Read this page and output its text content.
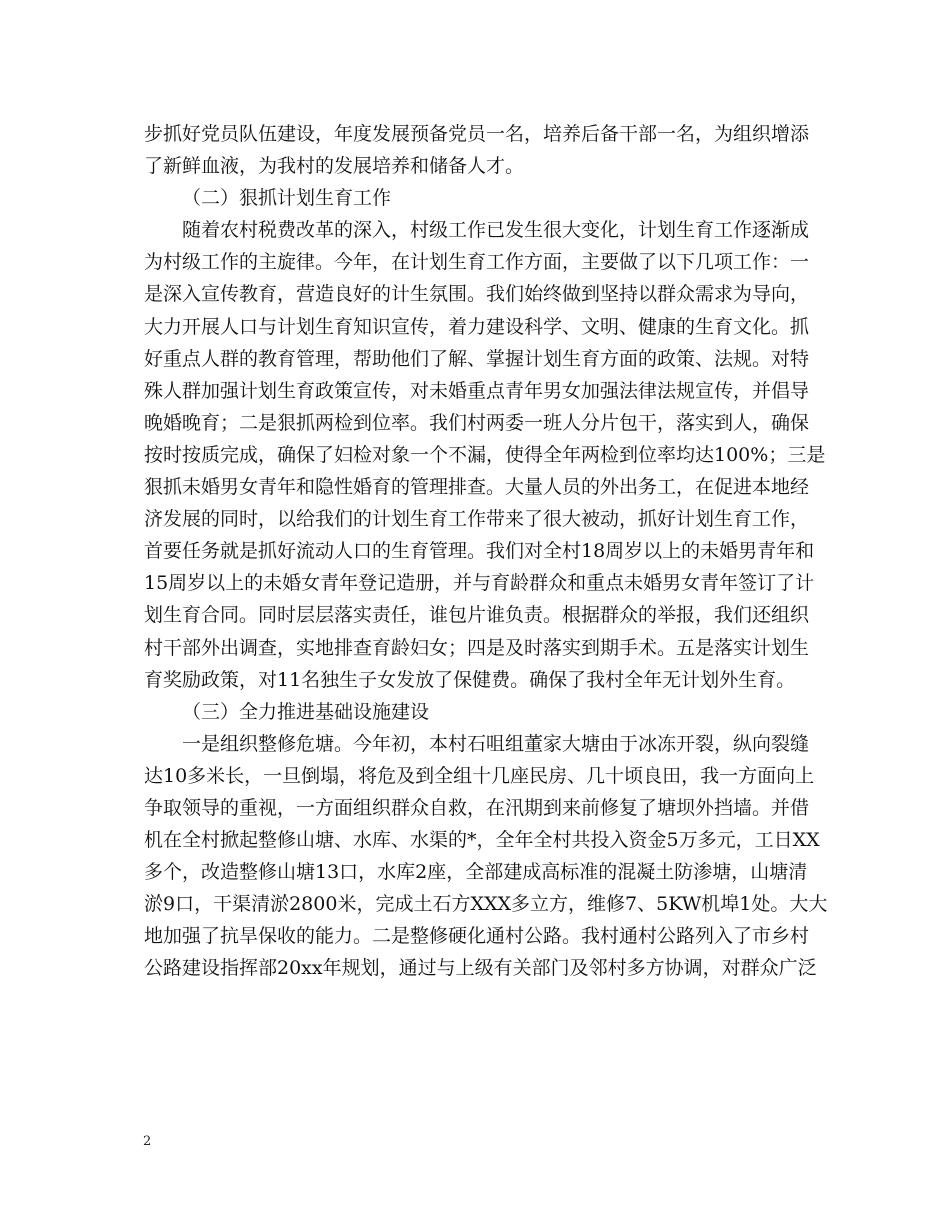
步抓好党员队伍建设，年度发展预备党员一名，培养后备干部一名，为组织增添
了新鲜血液，为我村的发展培养和储备人才。
（二）狠抓计划生育工作
随着农村税费改革的深入，村级工作已发生很大变化，计划生育工作逐渐成
为村级工作的主旋律。今年，在计划生育工作方面，主要做了以下几项工作：一
是深入宣传教育，营造良好的计生氛围。我们始终做到坚持以群众需求为导向，
大力开展人口与计划生育知识宣传，着力建设科学、文明、健康的生育文化。抓
好重点人群的教育管理，帮助他们了解、掌握计划生育方面的政策、法规。对特
殊人群加强计划生育政策宣传，对未婚重点青年男女加强法律法规宣传，并倡导
晚婚晚育；二是狠抓两检到位率。我们村两委一班人分片包干，落实到人，确保
按时按质完成，确保了妇检对象一个不漏，使得全年两检到位率均达100%；三是
狠抓未婚男女青年和隐性婚育的管理排查。大量人员的外出务工，在促进本地经
济发展的同时，以给我们的计划生育工作带来了很大被动，抓好计划生育工作，
首要任务就是抓好流动人口的生育管理。我们对全村18周岁以上的未婚男青年和
15周岁以上的未婚女青年登记造册，并与育龄群众和重点未婚男女青年签订了计
划生育合同。同时层层落实责任，谁包片谁负责。根据群众的举报，我们还组织
村干部外出调查，实地排查育龄妇女；四是及时落实到期手术。五是落实计划生
育奖励政策，对11名独生子女发放了保健费。确保了我村全年无计划外生育。
（三）全力推进基础设施建设
一是组织整修危塘。今年初，本村石咀组董家大塘由于冰冻开裂，纵向裂缝
达10多米长，一旦倒塌，将危及到全组十几座民房、几十顷良田，我一方面向上
争取领导的重视，一方面组织群众自救，在汛期到来前修复了塘坝外挡墙。并借
机在全村掀起整修山塘、水库、水渠的*，全年全村共投入资金5万多元，工日XX
多个，改造整修山塘13口，水库2座，全部建成高标准的混凝土防渗塘，山塘清
淤9口，干渠清淤2800米，完成土石方XXX多立方，维修7、5KW机埠1处。大大
地加强了抗旱保收的能力。二是整修硬化通村公路。我村通村公路列入了市乡村
公路建设指挥部20xx年规划，通过与上级有关部门及邻村多方协调，对群众广泛
2
